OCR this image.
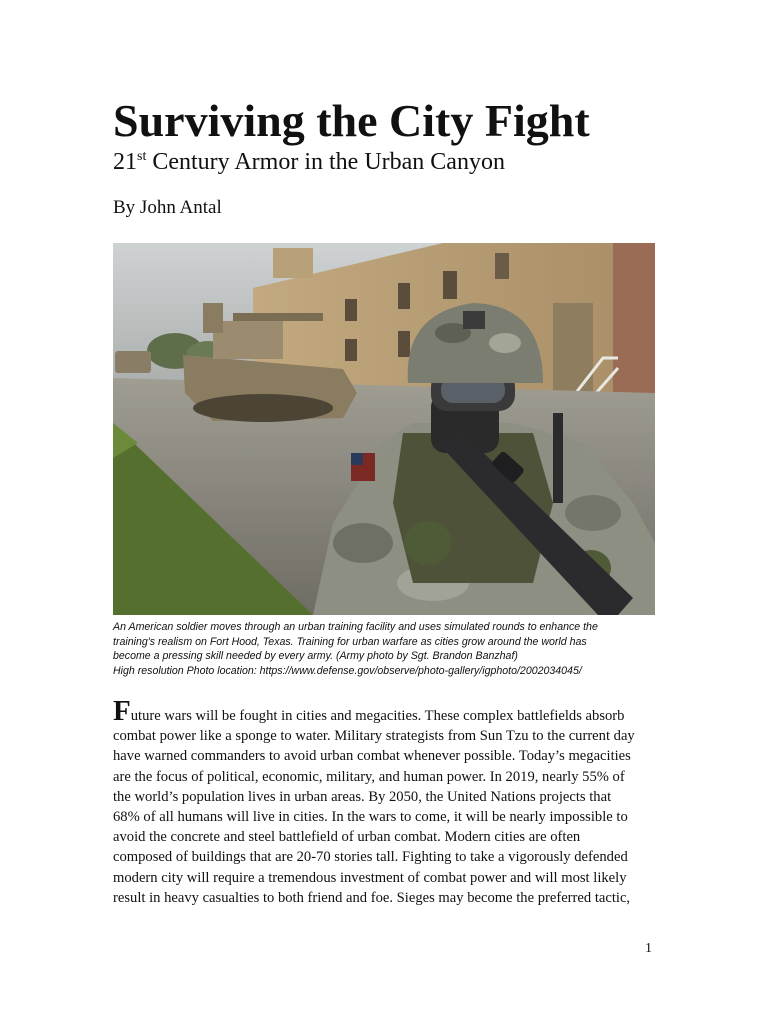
Surviving the City Fight
21st Century Armor in the Urban Canyon

By John Antal

An American soldier moves through an urban training facility and uses simulated rounds to enhance the
training's realism on Fort Hood, Texas. Training for urban warfare as cities grow around the world has
become a pressing skill needed by every army. (Army photo by Sgt. Brandon Banzhaf)
High resolution Photo location: https://www.defense.gov/observe/photo-gallery/igphoto/2002034045/
Future wars will be fought in cities and megacities. These complex battlefields absorb
combat power like a sponge to water. Military strategists from Sun Tzu to the current day
have warned commanders to avoid urban combat whenever possible. Today’s megacities
are the focus of political, economic, military, and human power. In 2019, nearly 55% of
the world’s population lives in urban areas. By 2050, the United Nations projects that
68% of all humans will live in cities. In the wars to come, it will be nearly impossible to
avoid the concrete and steel battlefield of urban combat. Modern cities are often
composed of buildings that are 20-70 stories tall. Fighting to take a vigorously defended
modern city will require a tremendous investment of combat power and will most likely
result in heavy casualties to both friend and foe. Sieges may become the preferred tactic,

1
